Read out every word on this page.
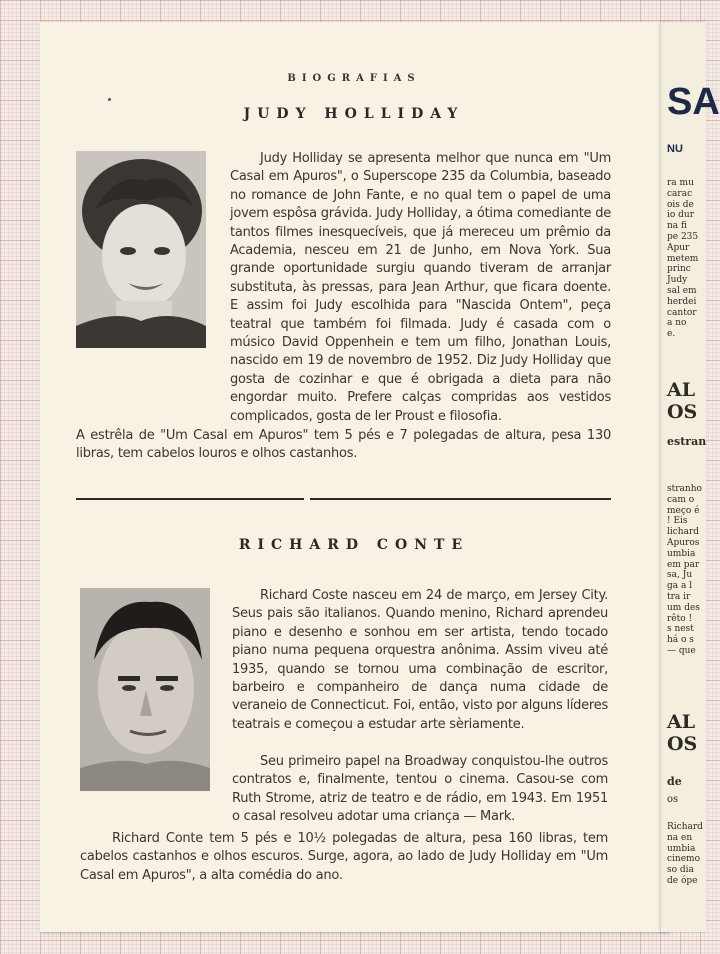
BIOGRAFIAS
JUDY HOLLIDAY

Judy Holliday se apresenta melhor que nunca em "Um Casal em Apuros", o Superscope 235 da Columbia, baseado no romance de John Fante, e no qual tem o papel de uma jovem espôsa grávida. Judy Holliday, a ótima comediante de tantos filmes inesquecíveis, que já mereceu um prêmio da Academia, nesceu em 21 de Junho, em Nova York. Sua grande oportunidade surgiu quando tiveram de arranjar substituta, às pressas, para Jean Arthur, que ficara doente. E assim foi Judy escolhida para "Nascida Ontem", peça teatral que também foi filmada. Judy é casada com o músico David Oppenhein e tem um filho, Jonathan Louis, nascido em 19 de novembro de 1952. Diz Judy Holliday que gosta de cozinhar e que é obrigada a dieta para não engordar muito. Prefere calças compridas aos vestidos complicados, gosta de ler Proust e filosofia.

A estrêla de "Um Casal em Apuros" tem 5 pés e 7 polegadas de altura, pesa 130 libras, tem cabelos louros e olhos castanhos.

RICHARD CONTE

Richard Coste nasceu em 24 de março, em Jersey City. Seus pais são italianos. Quando menino, Richard aprendeu piano e desenho e sonhou em ser artista, tendo tocado piano numa pequena orquestra anônima. Assim viveu até 1935, quando se tornou uma combinação de escritor, barbeiro e companheiro de dança numa cidade de veraneio de Connecticut. Foi, então, visto por alguns líderes teatrais e começou a estudar arte sèriamente.

Seu primeiro papel na Broadway conquistou-lhe outros contratos e, finalmente, tentou o cinema. Casou-se com Ruth Strome, atriz de teatro e de rádio, em 1943. Em 1951 o casal resolveu adotar uma criança — Mark.

Richard Conte tem 5 pés e 10½ polegadas de altura, pesa 160 libras, tem cabelos castanhos e olhos escuros. Surge, agora, ao lado de Judy Holliday em "Um Casal em Apuros", a alta comédia do ano.

SA
NU
ra mu
carac
ois de
io dur
na fi
pe 235
Apur
metem
princ
Judy
sal em
herdei
cantor
a no
e.
AL
OS
estran
stranho
cam o
meço é
! Eis
lichard
Apuros
umbia
em par
sa, Ju
ga a l
tra ir
um des
rêto !
s nest
há o s
— que
AL
OS
de
os
Richard
na en
umbia
cinemo
so dia
de ópe
